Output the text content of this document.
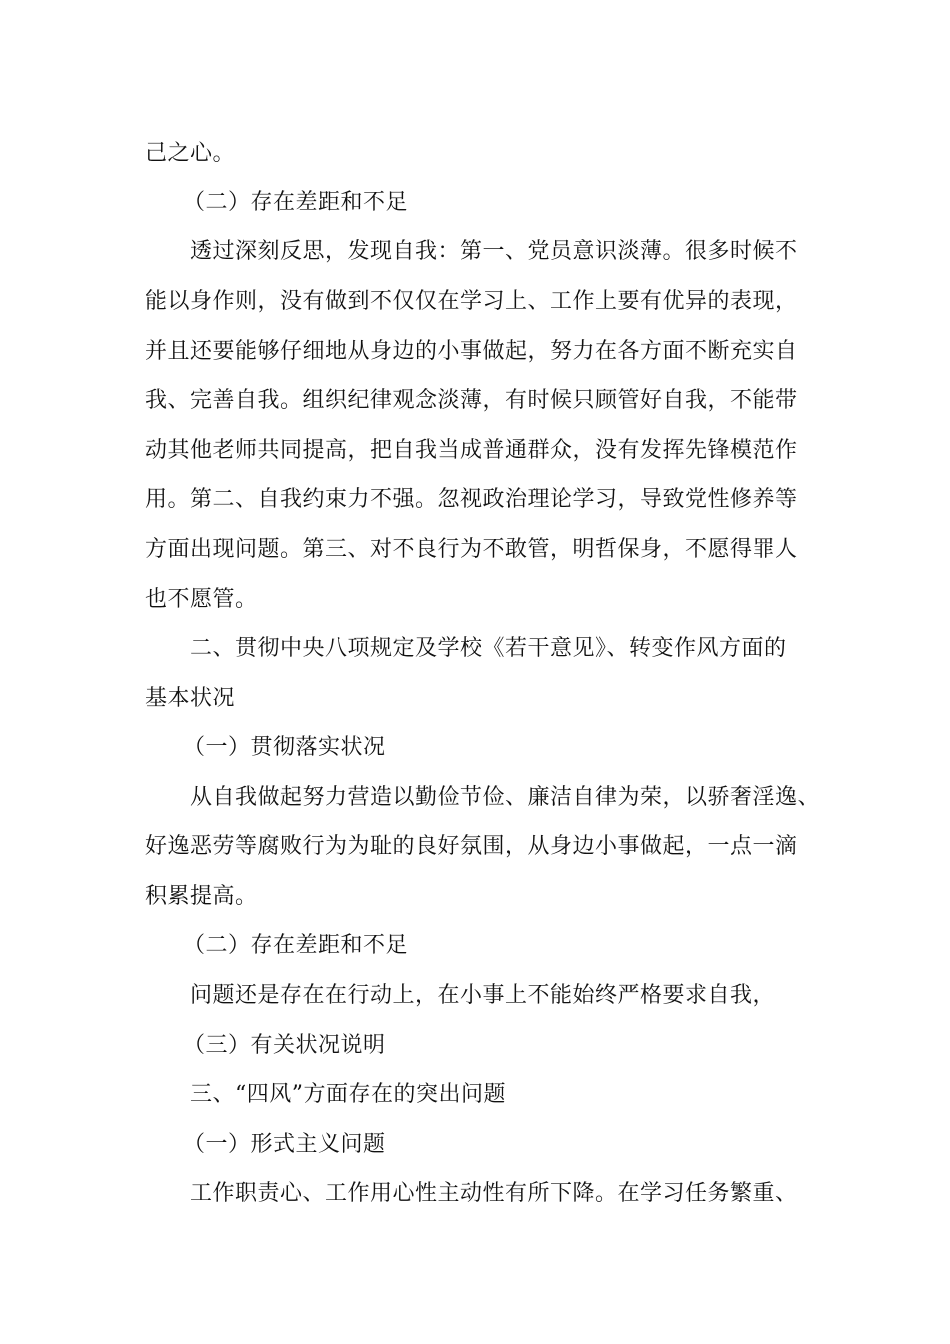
己之心。
（二）存在差距和不足
透过深刻反思，发现自我：第一、党员意识淡薄。很多时候不
能以身作则，没有做到不仅仅在学习上、工作上要有优异的表现，
并且还要能够仔细地从身边的小事做起，努力在各方面不断充实自
我、完善自我。组织纪律观念淡薄，有时候只顾管好自我，不能带
动其他老师共同提高，把自我当成普通群众，没有发挥先锋模范作
用。第二、自我约束力不强。忽视政治理论学习，导致党性修养等
方面出现问题。第三、对不良行为不敢管，明哲保身，不愿得罪人
也不愿管。
二、贯彻中央八项规定及学校《若干意见》、转变作风方面的
基本状况
（一）贯彻落实状况
从自我做起努力营造以勤俭节俭、廉洁自律为荣，以骄奢淫逸、
好逸恶劳等腐败行为为耻的良好氛围，从身边小事做起，一点一滴
积累提高。
（二）存在差距和不足
问题还是存在在行动上，在小事上不能始终严格要求自我，
（三）有关状况说明
三、“四风”方面存在的突出问题
（一）形式主义问题
工作职责心、工作用心性主动性有所下降。在学习任务繁重、
